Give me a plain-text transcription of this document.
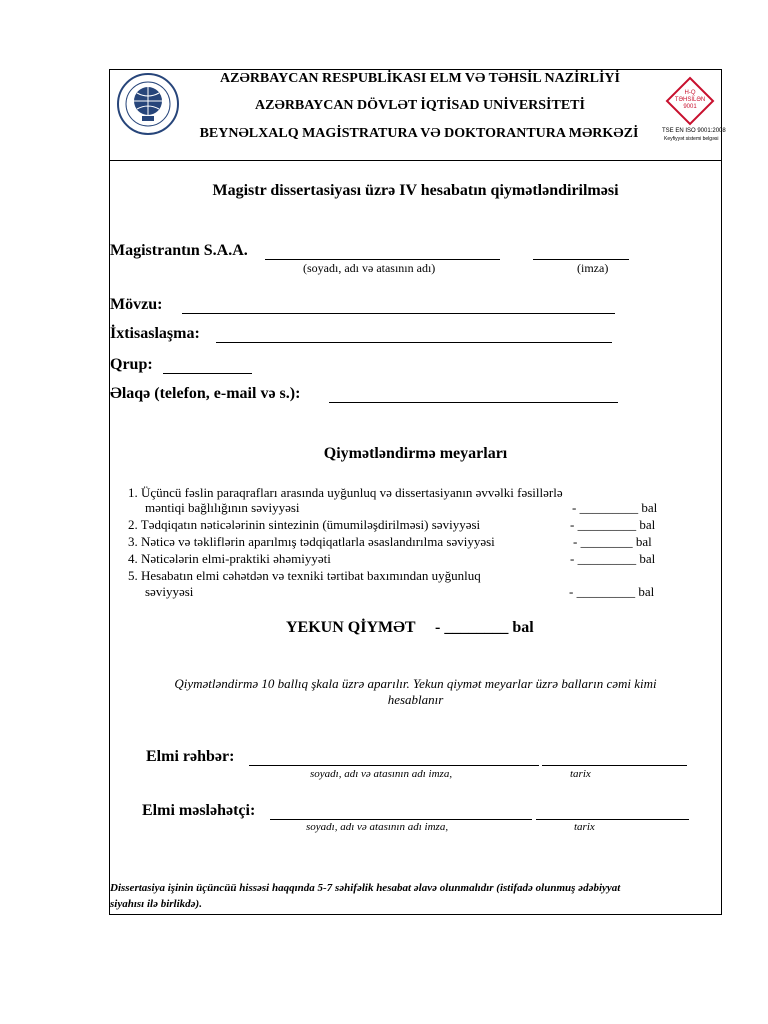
AZƏRBAYCAN RESPUBLİKASI ELM VƏ TƏHSİL NAZİRLİYİ
AZƏRBAYCAN DÖVLƏT İQTİSAD UNİVERSİTETİ
BEYNƏLXALQ MAGİSTRATURA VƏ DOKTORANTURA MƏRKƏZİ
H-Q
TƏHSİLƏN
9001
TSE EN ISO 9001:2008
Keyfiyyət sistemi belgəsi
Magistr dissertasiyası üzrə IV hesabatın qiymətləndirilməsi
Magistrantın S.A.A.
(soyadı, adı və atasının adı)	(imza)
Mövzu:
İxtisaslaşma:
Qrup:
Əlaqə (telefon, e-mail və s.):
Qiymətləndirmə meyarları
1. Üçüncü fəslin paraqrafları arasında uyğunluq və dissertasiyanın əvvəlki fəsillərlə
məntiqi bağlılığının səviyyəsi	- _________ bal
2. Tədqiqatın nəticələrinin sintezinin (ümumiləşdirilməsi) səviyyəsi	- _________ bal
3. Nəticə və təkliflərin aparılmış tədqiqatlarla əsaslandırılma səviyyəsi	- ________ bal
4. Nəticələrin elmi-praktiki əhəmiyyəti	- _________ bal
5. Hesabatın elmi cəhətdən və texniki tərtibat baxımından uyğunluq
səviyyəsi	- _________ bal
YEKUN QİYMƏT - ________ bal
Qiymətləndirmə 10 ballıq şkala üzrə aparılır. Yekun qiymət meyarlar üzrə balların cəmi kimi
hesablanır
Elmi rəhbər:
soyadı, adı və atasının adı imza,	tarix
Elmi məsləhətçi:
soyadı, adı və atasının adı imza,	tarix
Dissertasiya işinin üçüncüü hissəsi haqqında 5-7 səhifəlik hesabat əlavə olunmalıdır (istifadə olunmuş ədəbiyyat
siyahısı ilə birlikdə).
